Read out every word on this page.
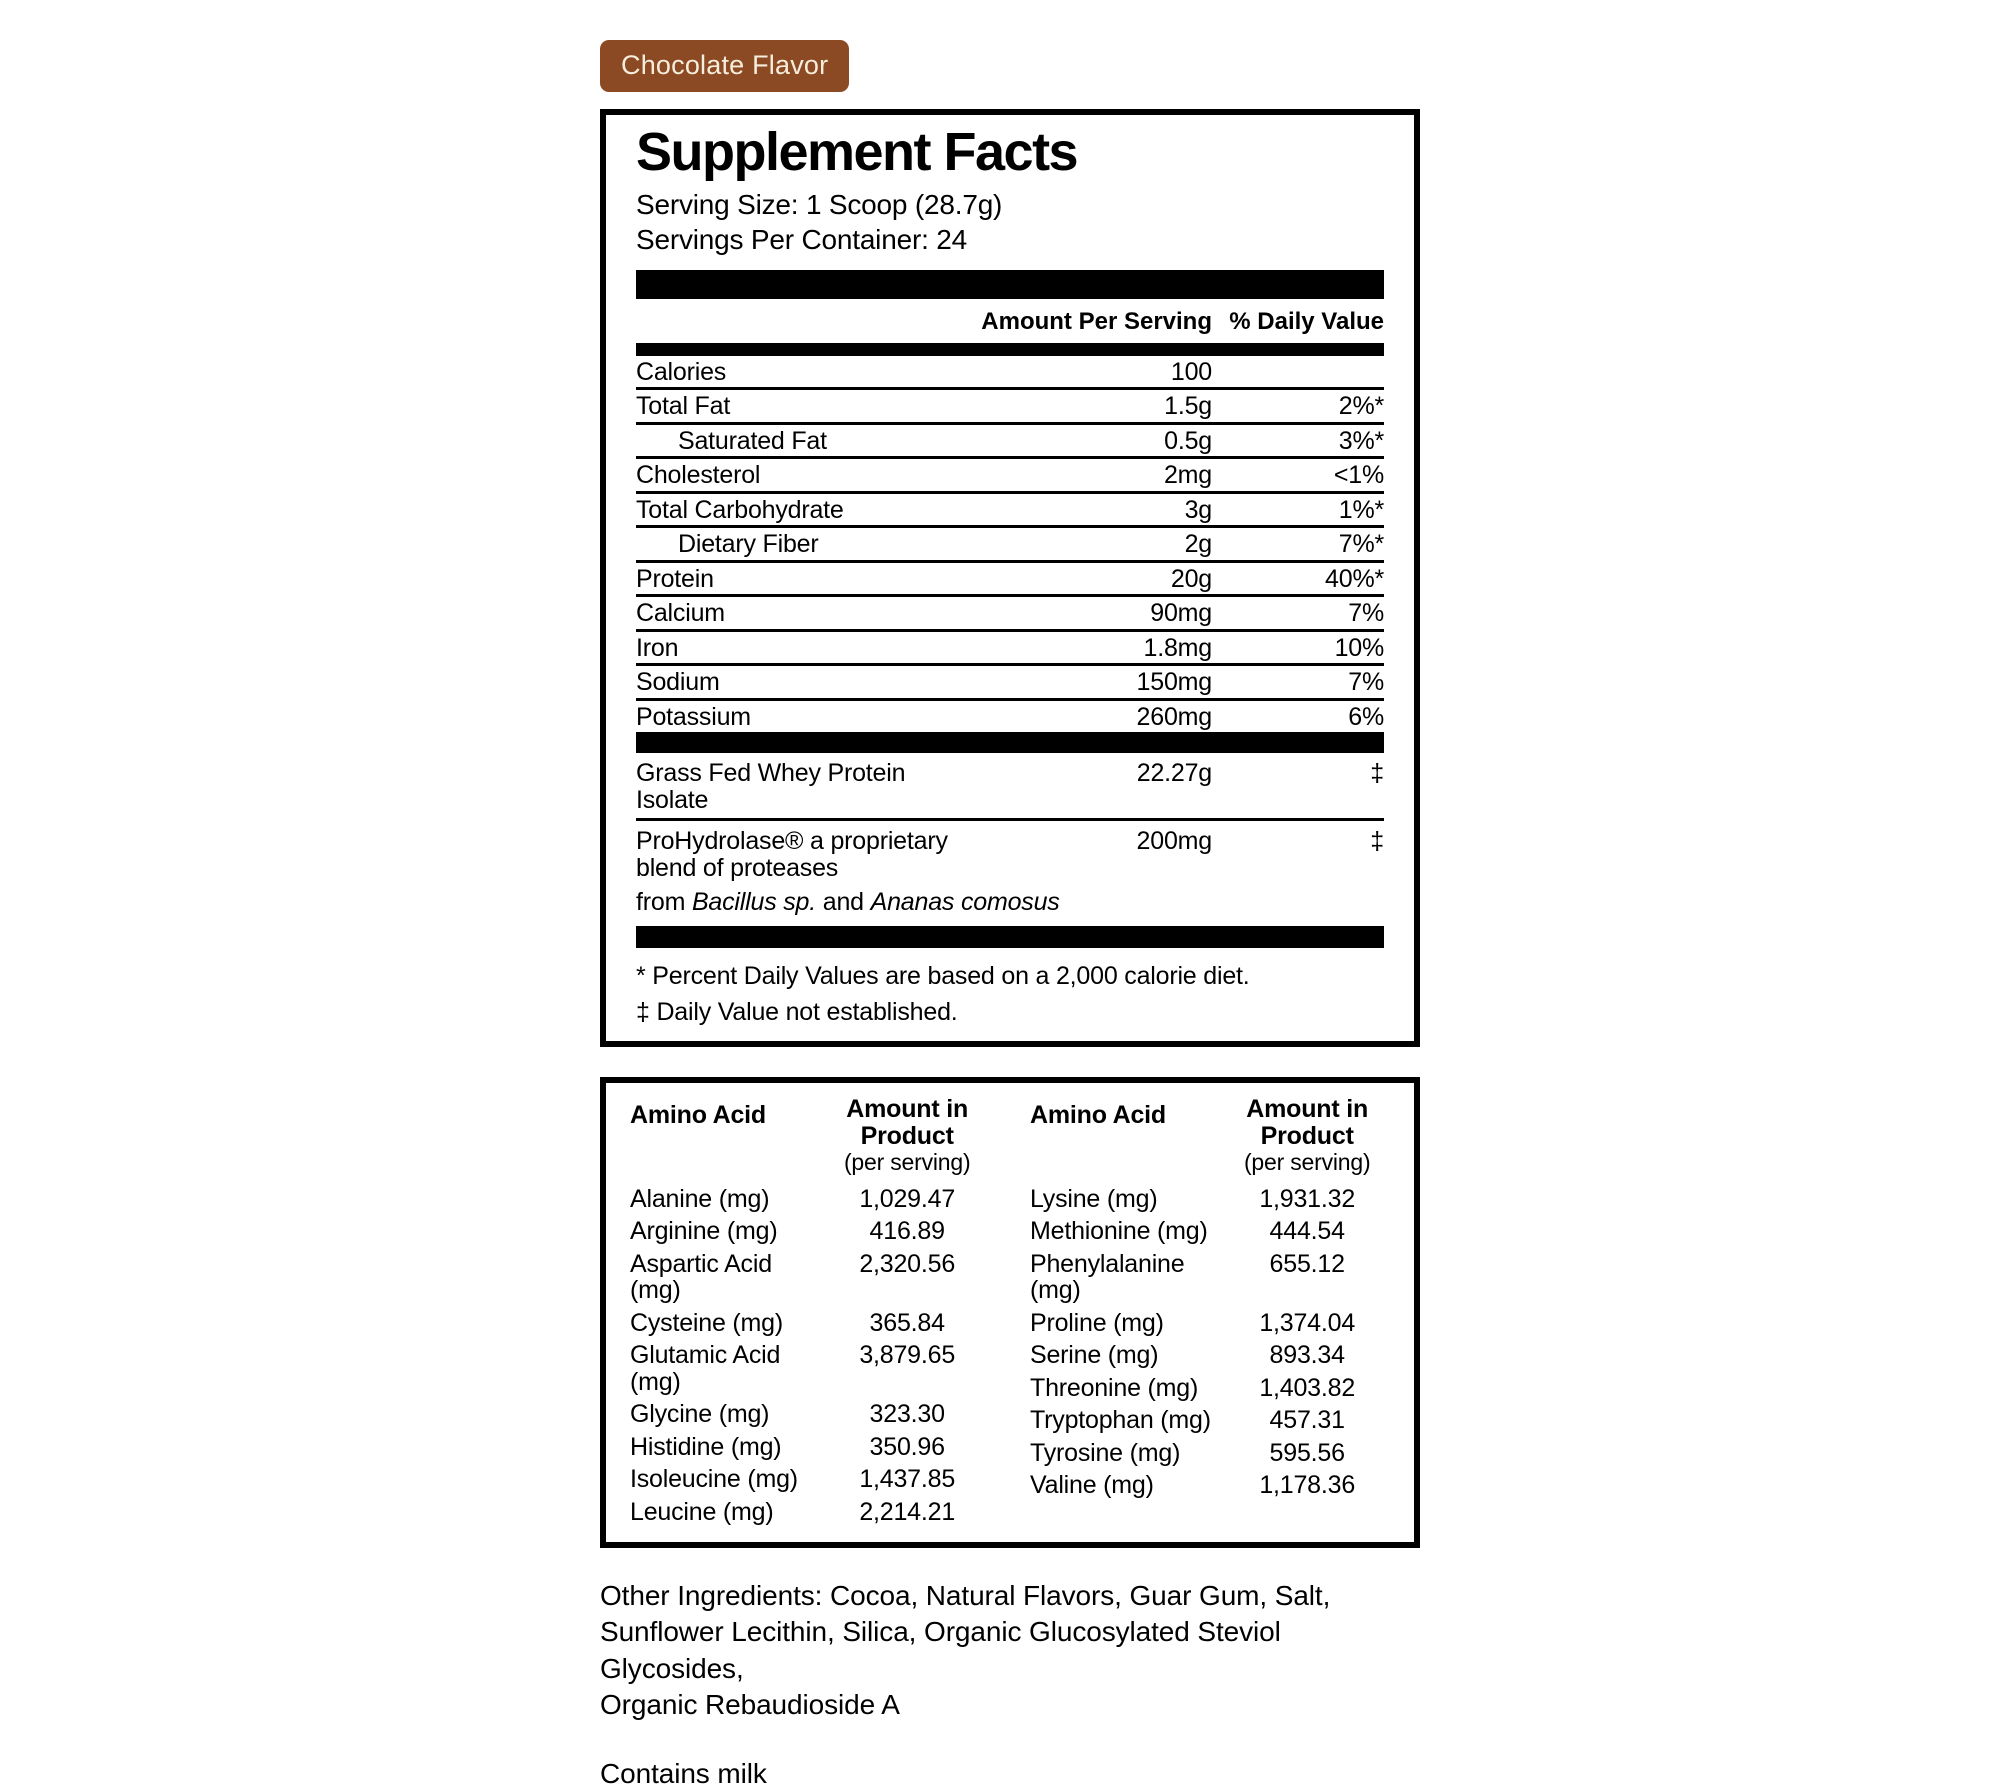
Chocolate Flavor
Supplement Facts
Serving Size: 1 Scoop (28.7g)
Servings Per Container: 24
Amount Per Serving % Daily Value
Calories	100
Total Fat	1.5g	2%*
Saturated Fat	0.5g	3%*
Cholesterol	2mg	<1%
Total Carbohydrate	3g	1%*
Dietary Fiber	2g	7%*
Protein	20g	40%*
Calcium	90mg	7%
Iron	1.8mg	10%
Sodium	150mg	7%
Potassium	260mg	6%
Grass Fed Whey Protein Isolate
22.27g	‡
ProHydrolase® a proprietary blend of proteases
200mg	‡
from Bacillus sp. and Ananas comosus
* Percent Daily Values are based on a 2,000 calorie diet.
‡ Daily Value not established.
Amino Acid	Amount in Product
(per serving)
Alanine (mg)	1,029.47
Arginine (mg)	416.89
Aspartic Acid (mg)
2,320.56
Cysteine (mg)	365.84
Glutamic Acid (mg)
3,879.65
Glycine (mg)	323.30
Histidine (mg)	350.96
Isoleucine (mg)	1,437.85
Leucine (mg)	2,214.21
Amino Acid	Amount in Product
(per serving)
Lysine (mg)	1,931.32
Methionine (mg)	444.54
Phenylalanine (mg)
655.12
Proline (mg)	1,374.04
Serine (mg)	893.34
Threonine (mg)	1,403.82
Tryptophan (mg)	457.31
Tyrosine (mg)	595.56
Valine (mg)	1,178.36
Other Ingredients: Cocoa, Natural Flavors, Guar Gum, Salt,
Sunflower Lecithin, Silica, Organic Glucosylated Steviol Glycosides,
Organic Rebaudioside A
Contains milk
